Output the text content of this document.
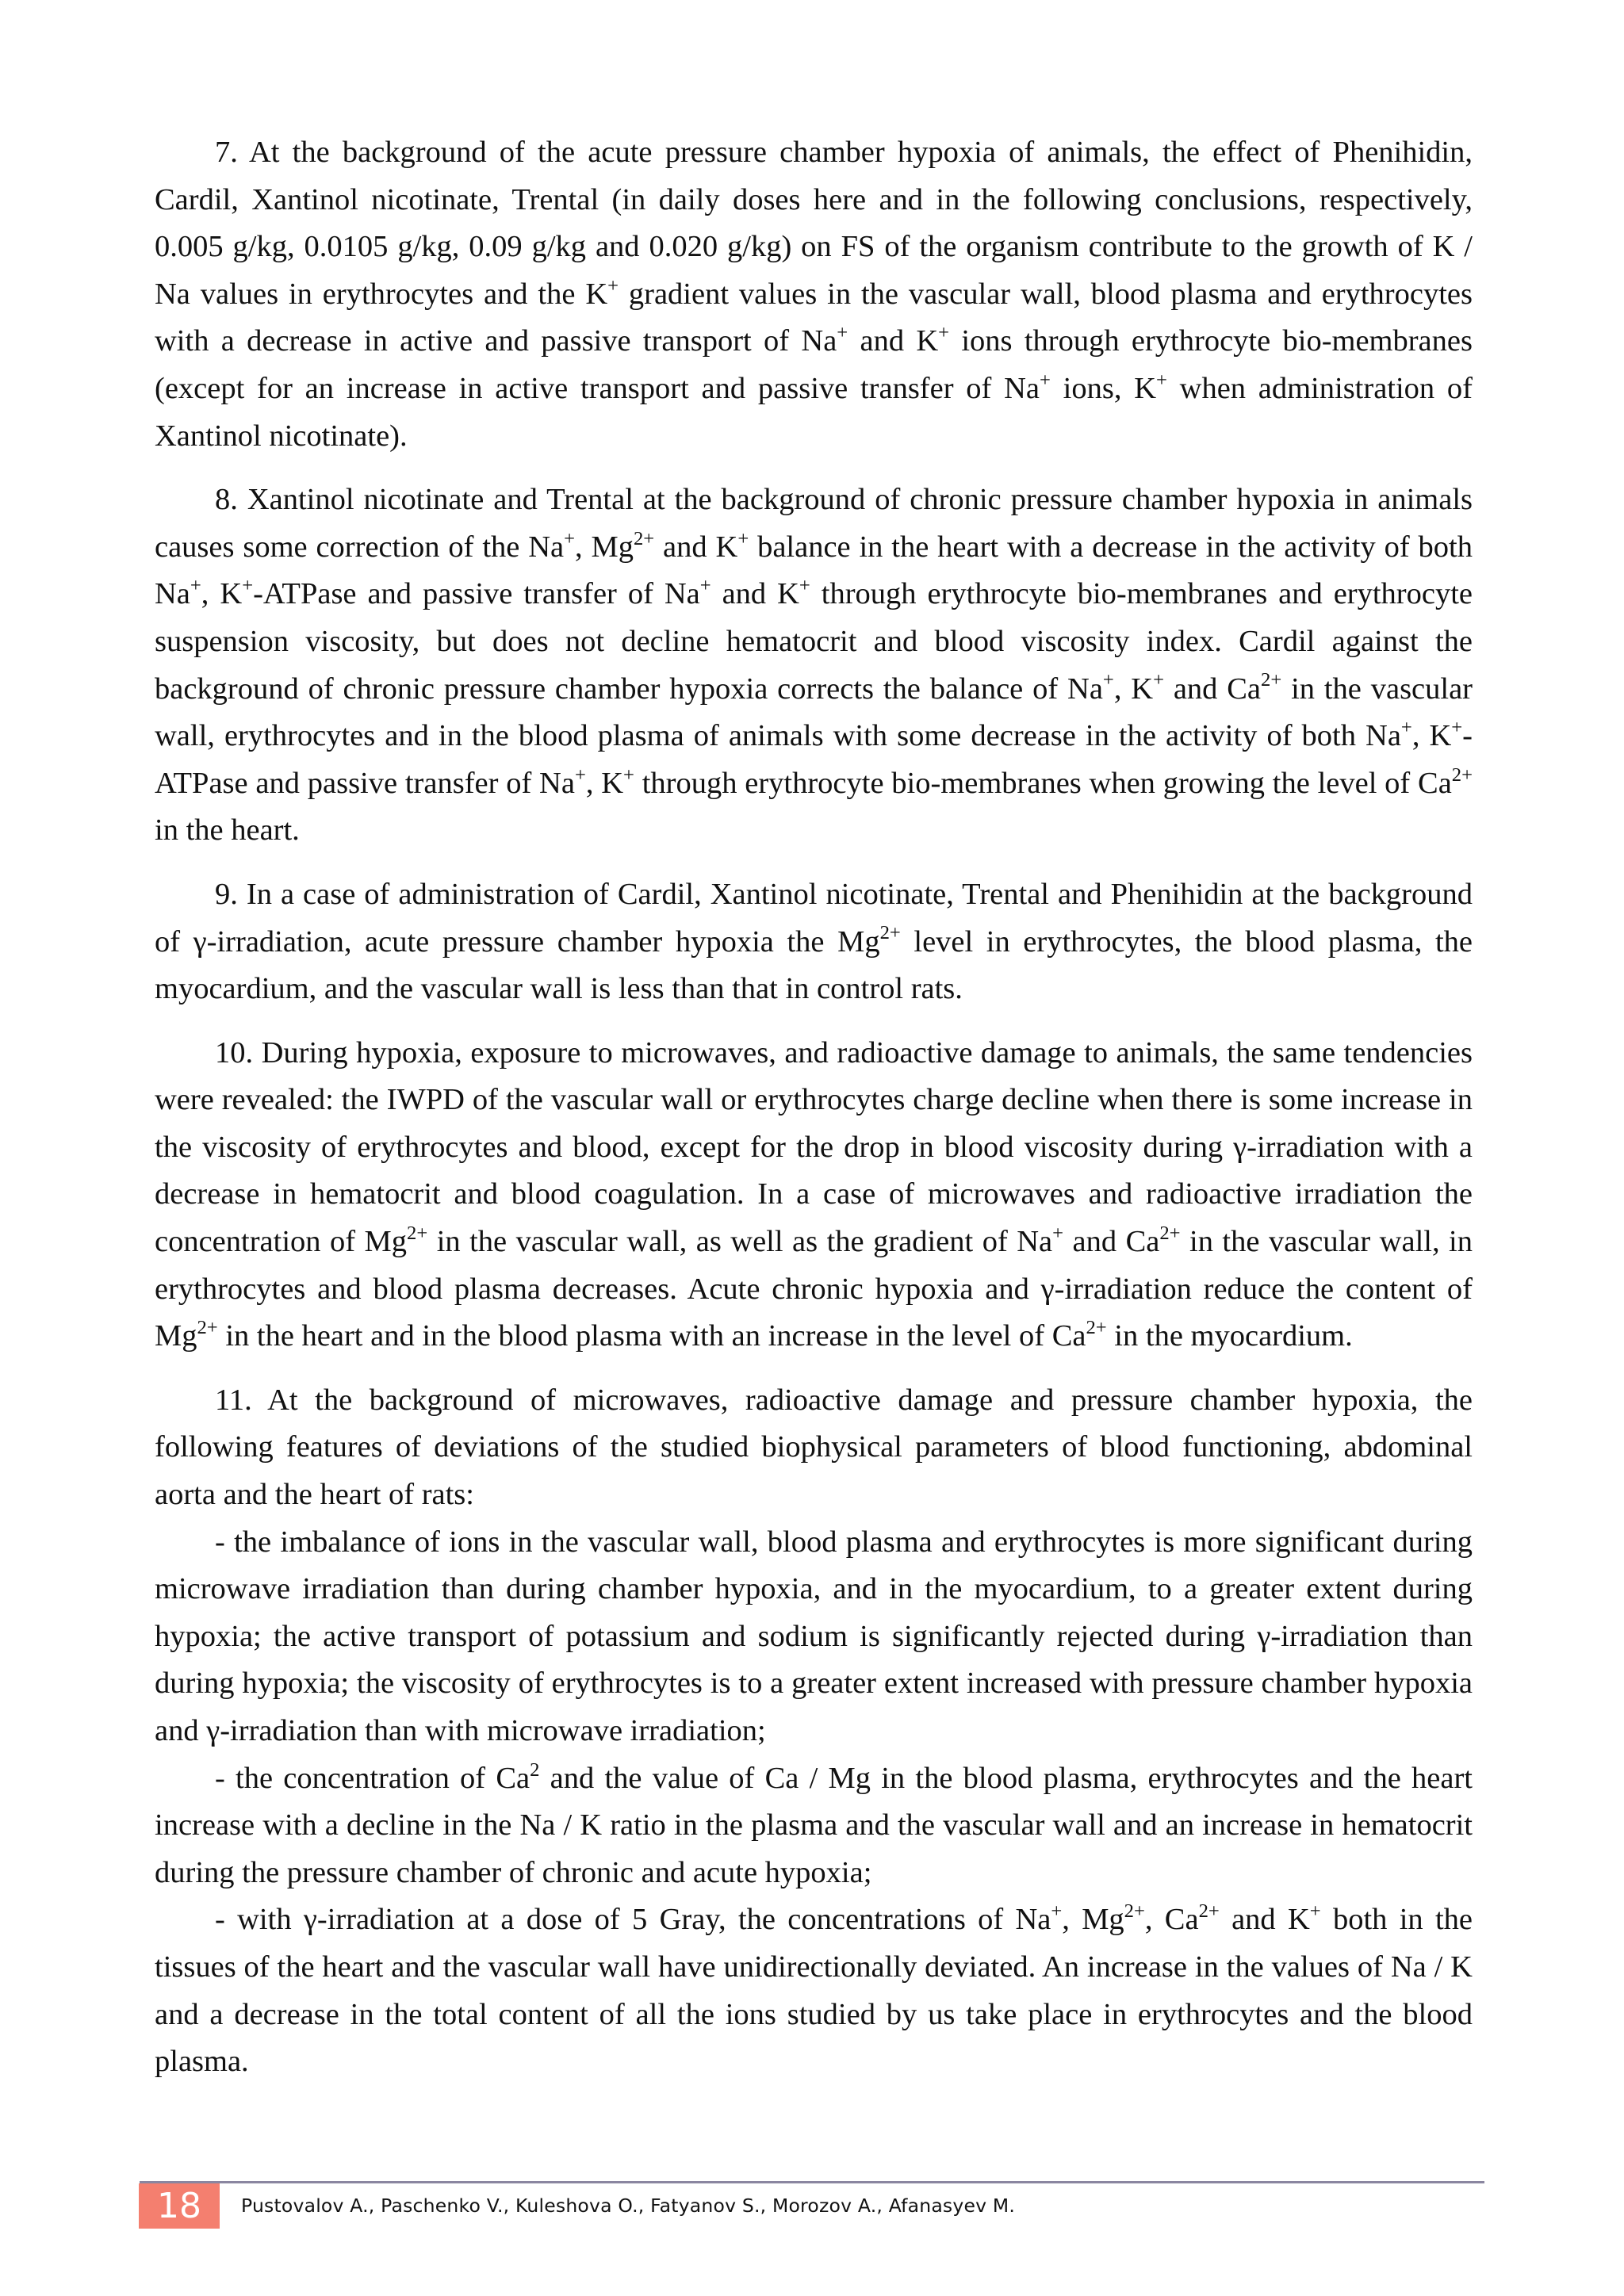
7. At the background of the acute pressure chamber hypoxia of animals, the effect of Phenihidin, Cardil, Xantinol nicotinate, Trental (in daily doses here and in the following conclusions, respectively, 0.005 g/kg, 0.0105 g/kg, 0.09 g/kg and 0.020 g/kg) on FS of the organism contribute to the growth of K / Na values in erythrocytes and the K+ gradient values in the vascular wall, blood plasma and erythrocytes with a decrease in active and passive transport of Na+ and K+ ions through erythrocyte bio-membranes (except for an increase in active transport and passive transfer of Na+ ions, K+ when administration of Xantinol nicotinate).

8. Xantinol nicotinate and Trental at the background of chronic pressure chamber hypoxia in animals causes some correction of the Na+, $Mg^{2+}$ and K+ balance in the heart with a decrease in the activity of both Na+, K+-ATPase and passive transfer of Na+ and K+ through erythrocyte bio-membranes and erythrocyte suspension viscosity, but does not decline hematocrit and blood viscosity index. Cardil against the background of chronic pressure chamber hypoxia corrects the balance of Na+, K+ and $Ca^{2+}$ in the vascular wall, erythrocytes and in the blood plasma of animals with some decrease in the activity of both Na+, K+-ATPase and passive transfer of Na+, K+ through erythrocyte bio-membranes when growing the level of $Ca^{2+}$ in the heart.

9. In a case of administration of Cardil, Xantinol nicotinate, Trental and Phenihidin at the background of γ-irradiation, acute pressure chamber hypoxia the $Mg^{2+}$ level in erythrocytes, the blood plasma, the myocardium, and the vascular wall is less than that in control rats.

10. During hypoxia, exposure to microwaves, and radioactive damage to animals, the same tendencies were revealed: the IWPD of the vascular wall or erythrocytes charge decline when there is some increase in the viscosity of erythrocytes and blood, except for the drop in blood viscosity during γ-irradiation with a decrease in hematocrit and blood coagulation. In a case of microwaves and radioactive irradiation the concentration of $Mg^{2+}$ in the vascular wall, as well as the gradient of Na+ and $Ca^{2+}$ in the vascular wall, in erythrocytes and blood plasma decreases. Acute chronic hypoxia and γ-irradiation reduce the content of $Mg^{2+}$ in the heart and in the blood plasma with an increase in the level of $Ca^{2+}$ in the myocardium.

11. At the background of microwaves, radioactive damage and pressure chamber hypoxia, the following features of deviations of the studied biophysical parameters of blood functioning, abdominal aorta and the heart of rats:

- the imbalance of ions in the vascular wall, blood plasma and erythrocytes is more significant during microwave irradiation than during chamber hypoxia, and in the myocardium, to a greater extent during hypoxia; the active transport of potassium and sodium is significantly rejected during γ-irradiation than during hypoxia; the viscosity of erythrocytes is to a greater extent increased with pressure chamber hypoxia and γ-irradiation than with microwave irradiation;

- the concentration of Ca$^2$ and the value of Ca / Mg in the blood plasma, erythrocytes and the heart increase with a decline in the Na / K ratio in the plasma and the vascular wall and an increase in hematocrit during the pressure chamber of chronic and acute hypoxia;

- with γ-irradiation at a dose of 5 Gray, the concentrations of Na+, $Mg^{2+}$, $Ca^{2+}$ and K+ both in the tissues of the heart and the vascular wall have unidirectionally deviated. An increase in the values of Na / K and a decrease in the total content of all the ions studied by us take place in erythrocytes and the blood plasma.

18	Pustovalov A., Paschenko V., Kuleshova O., Fatyanov S., Morozov A., Afanasyev M.
